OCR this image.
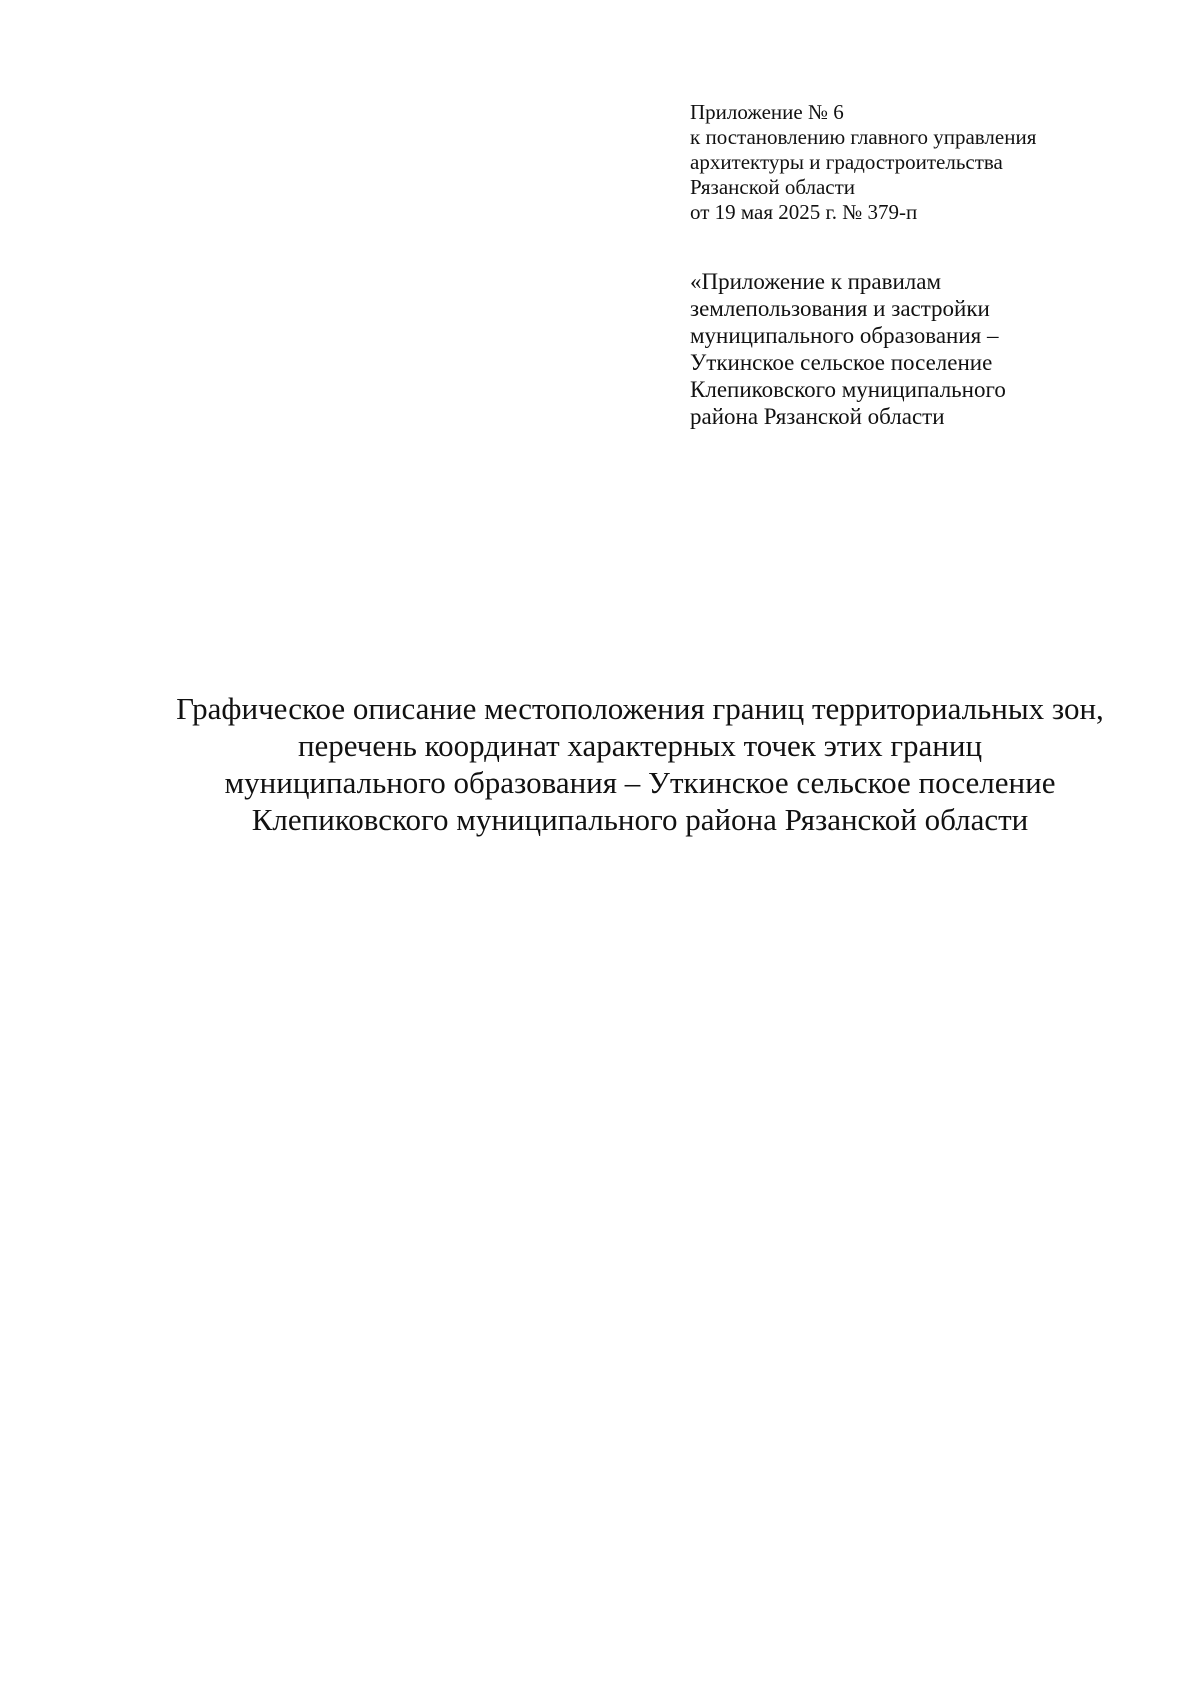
Приложение № 6
к постановлению главного управления
архитектуры и градостроительства
Рязанской области
от 19 мая 2025 г. № 379-п
«Приложение к правилам
землепользования и застройки
муниципального образования –
Уткинское сельское поселение
Клепиковского муниципального
района Рязанской области
Графическое описание местоположения границ территориальных зон,
перечень координат характерных точек этих границ
муниципального образования – Уткинское сельское поселение
Клепиковского муниципального района Рязанской области
